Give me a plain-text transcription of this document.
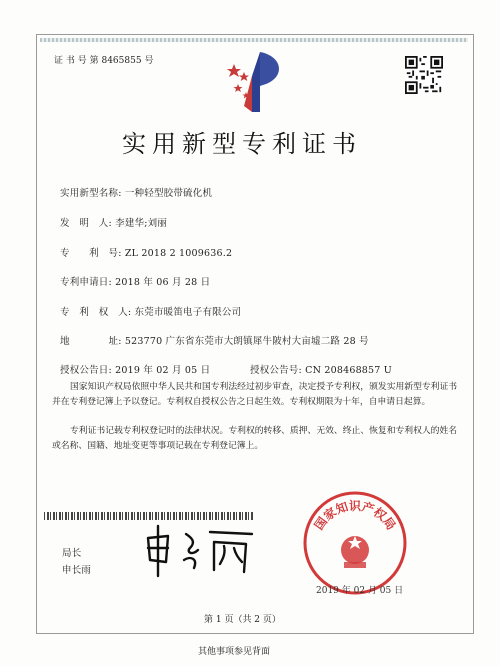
证 书 号 第 8465855 号
实用新型专利证书
实用新型名称: 一种轻型胶带硫化机
发　明　人: 李建华;刘丽
专　　利　号: ZL 2018 2 1009636.2
专利申请日: 2018 年 06 月 28 日
专　利　权　人: 东莞市暖笛电子有限公司
地　　　　址: 523770 广东省东莞市大朗镇犀牛陂村大亩墟二路 28 号
授权公告日: 2019 年 02 月 05 日	授权公告号: CN 208468857 U
国家知识产权局依照中华人民共和国专利法经过初步审查，决定授予专利权，颁发实用新型专利证书并在专利登记簿上予以登记。专利权自授权公告之日起生效。专利权期限为十年，自申请日起算。
专利证书记载专利权登记时的法律状况。专利权的转移、质押、无效、终止、恢复和专利权人的姓名或名称、国籍、地址变更等事项记载在专利登记簿上。
局长
申长雨
国家知识产权局
2019 年 02 月 05 日
第 1 页（共 2 页）
其他事项参见背面
